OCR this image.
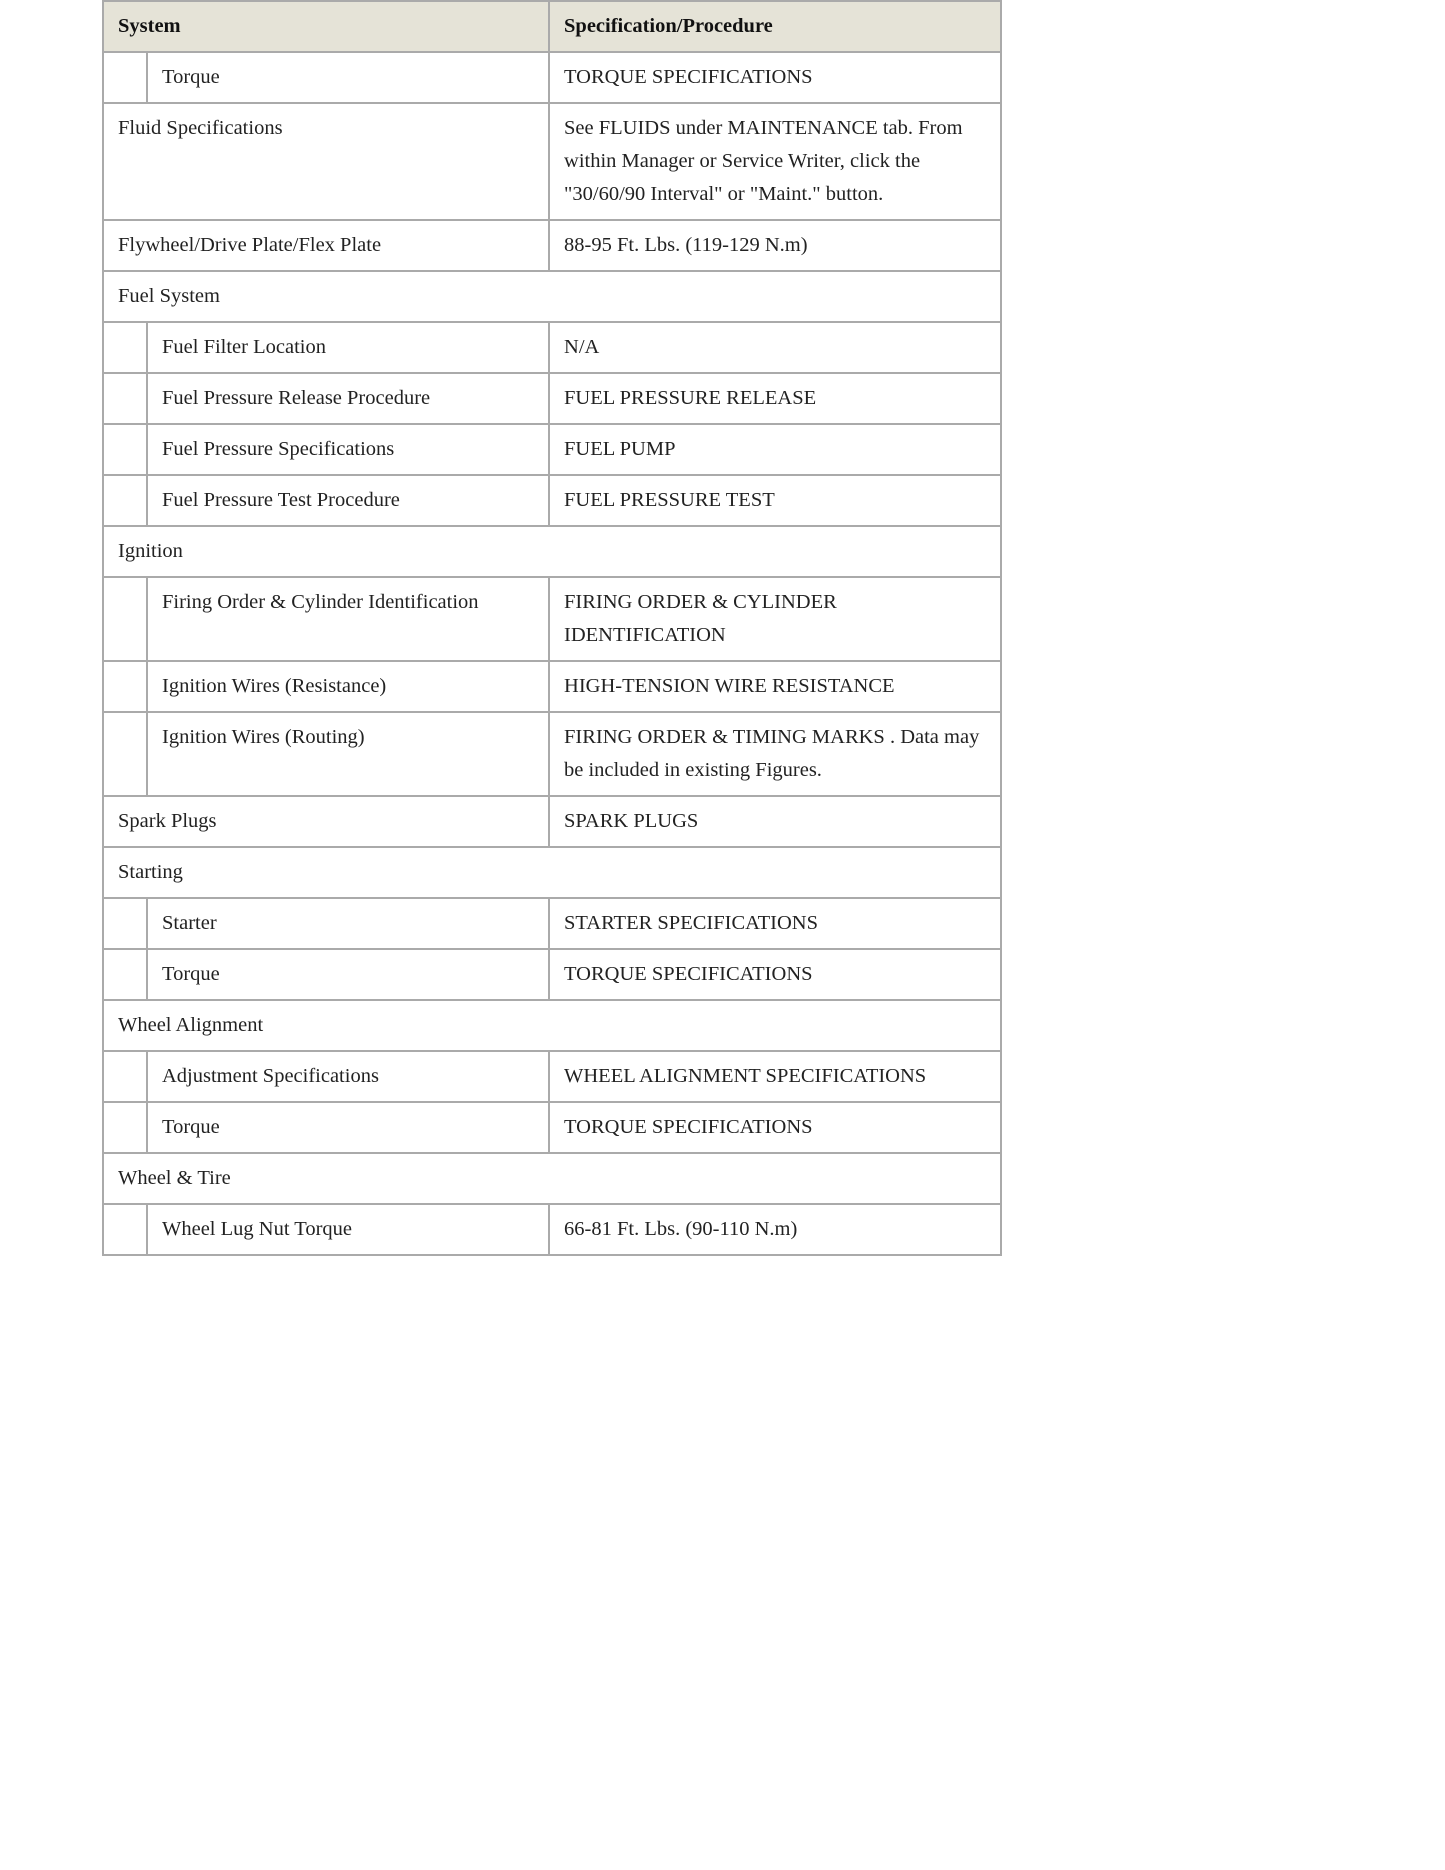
System		Specification/Procedure
	Torque	TORQUE SPECIFICATIONS
Fluid Specifications		See FLUIDS under MAINTENANCE tab. From within Manager or Service Writer, click the "30/60/90 Interval" or "Maint." button.
Flywheel/Drive Plate/Flex Plate		88-95 Ft. Lbs. (119-129 N.m)
Fuel System		
	Fuel Filter Location	N/A
	Fuel Pressure Release Procedure	FUEL PRESSURE RELEASE
	Fuel Pressure Specifications	FUEL PUMP
	Fuel Pressure Test Procedure	FUEL PRESSURE TEST
Ignition		
	Firing Order & Cylinder Identification	FIRING ORDER & CYLINDER IDENTIFICATION
	Ignition Wires (Resistance)	HIGH-TENSION WIRE RESISTANCE
	Ignition Wires (Routing)	FIRING ORDER & TIMING MARKS . Data may be included in existing Figures.
Spark Plugs		SPARK PLUGS
Starting		
	Starter	STARTER SPECIFICATIONS
	Torque	TORQUE SPECIFICATIONS
Wheel Alignment		
	Adjustment Specifications	WHEEL ALIGNMENT SPECIFICATIONS
	Torque	TORQUE SPECIFICATIONS
Wheel & Tire		
	Wheel Lug Nut Torque	66-81 Ft. Lbs. (90-110 N.m)
